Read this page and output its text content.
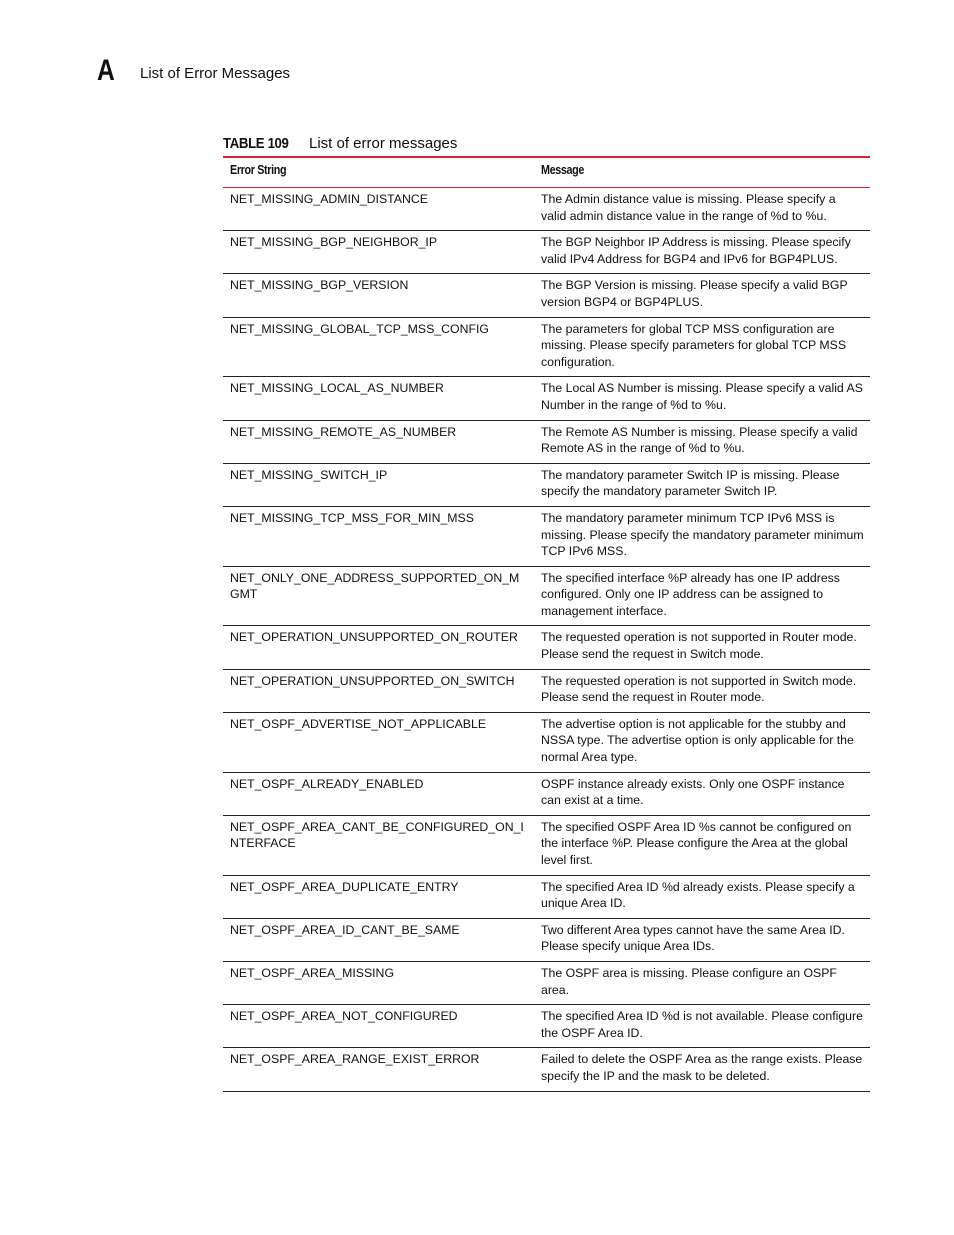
A List of Error Messages
TABLE 109 List of error messages
Error String	Message
NET_MISSING_ADMIN_DISTANCE	The Admin distance value is missing. Please specify a valid admin distance value in the range of %d to %u.
NET_MISSING_BGP_NEIGHBOR_IP	The BGP Neighbor IP Address is missing. Please specify valid IPv4 Address for BGP4 and IPv6 for BGP4PLUS.
NET_MISSING_BGP_VERSION	The BGP Version is missing. Please specify a valid BGP version BGP4 or BGP4PLUS.
NET_MISSING_GLOBAL_TCP_MSS_CONFIG	The parameters for global TCP MSS configuration are missing. Please specify parameters for global TCP MSS configuration.
NET_MISSING_LOCAL_AS_NUMBER	The Local AS Number is missing. Please specify a valid AS Number in the range of %d to %u.
NET_MISSING_REMOTE_AS_NUMBER	The Remote AS Number is missing. Please specify a valid Remote AS in the range of %d to %u.
NET_MISSING_SWITCH_IP	The mandatory parameter Switch IP is missing. Please specify the mandatory parameter Switch IP.
NET_MISSING_TCP_MSS_FOR_MIN_MSS	The mandatory parameter minimum TCP IPv6 MSS is missing. Please specify the mandatory parameter minimum TCP IPv6 MSS.
NET_ONLY_ONE_ADDRESS_SUPPORTED_ON_MGMT	The specified interface %P already has one IP address configured. Only one IP address can be assigned to management interface.
NET_OPERATION_UNSUPPORTED_ON_ROUTER	The requested operation is not supported in Router mode. Please send the request in Switch mode.
NET_OPERATION_UNSUPPORTED_ON_SWITCH	The requested operation is not supported in Switch mode. Please send the request in Router mode.
NET_OSPF_ADVERTISE_NOT_APPLICABLE	The advertise option is not applicable for the stubby and NSSA type. The advertise option is only applicable for the normal Area type.
NET_OSPF_ALREADY_ENABLED	OSPF instance already exists. Only one OSPF instance can exist at a time.
NET_OSPF_AREA_CANT_BE_CONFIGURED_ON_INTERFACE	The specified OSPF Area ID %s cannot be configured on the interface %P. Please configure the Area at the global level first.
NET_OSPF_AREA_DUPLICATE_ENTRY	The specified Area ID %d already exists. Please specify a unique Area ID.
NET_OSPF_AREA_ID_CANT_BE_SAME	Two different Area types cannot have the same Area ID. Please specify unique Area IDs.
NET_OSPF_AREA_MISSING	The OSPF area is missing. Please configure an OSPF area.
NET_OSPF_AREA_NOT_CONFIGURED	The specified Area ID %d is not available. Please configure the OSPF Area ID.
NET_OSPF_AREA_RANGE_EXIST_ERROR	Failed to delete the OSPF Area as the range exists. Please specify the IP and the mask to be deleted.
